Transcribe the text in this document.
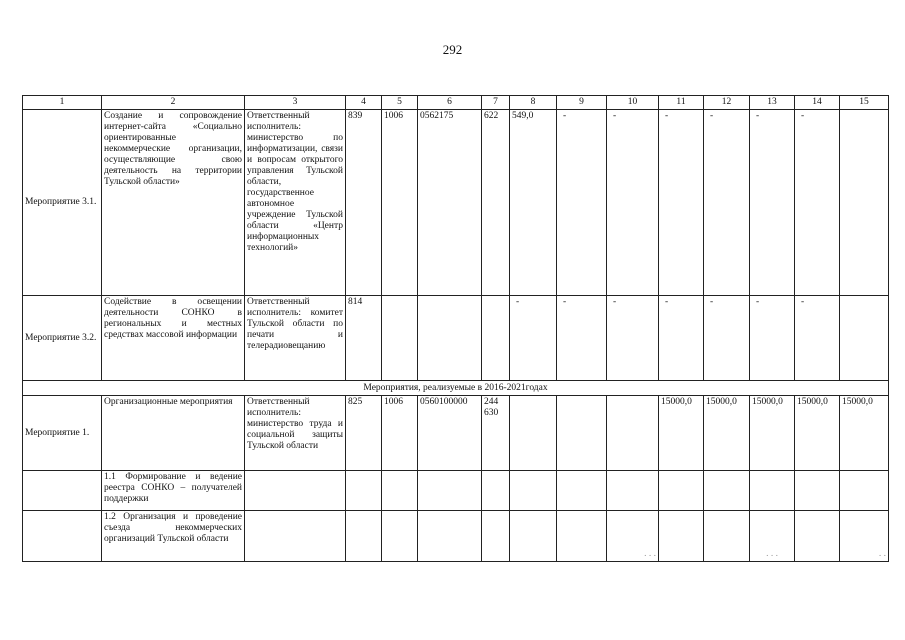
292
1	2	3	4	5	6	7	8	9	10	11	12	13	14	15
Мероприятие 3.1.	Создание и сопровождение интернет-сайта «Социально ориентированные некоммерческие организации, осуществляющие свою деятельность на территории Тульской области»	Ответственный исполнитель: министерство по информатизации, связи и вопросам открытого управления Тульской области, государственное автономное учреждение Тульской области «Центр информационных технологий»	839	1006	0562175	622	549,0	-	-	-	-	-	-	
Мероприятие 3.2.	Содействие в освещении деятельности СОНКО в региональных и местных средствах массовой информации	Ответственный исполнитель: комитет Тульской области по печати и телерадиовещанию	814				-	-	-	-	-	-	-	
Мероприятия, реализуемые в 2016-2021годах														
Мероприятие 1.	Организационные мероприятия	Ответственный исполнитель: министерство труда и социальной защиты Тульской области	825	1006	0560100000	244 630				15000,0	15000,0	15000,0	15000,0	15000,0
	1.1 Формирование и ведение реестра СОНКО – получателей поддержки													
	1.2 Организация и проведение съезда некоммерческих организаций Тульской области								. . .			. . .		. .
